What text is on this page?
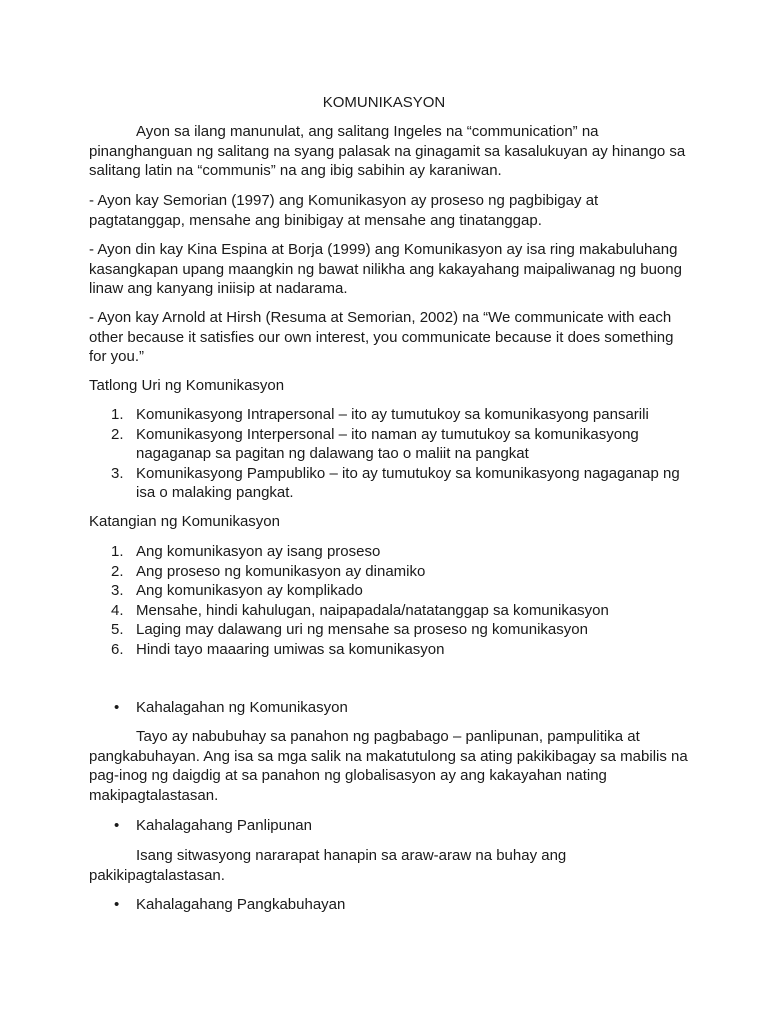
KOMUNIKASYON

Ayon sa ilang manunulat, ang salitang Ingeles na “communication” na pinanghanguan ng salitang na syang palasak na ginagamit sa kasalukuyan ay hinango sa salitang latin na “communis” na ang ibig sabihin ay karaniwan.

- Ayon kay Semorian (1997) ang Komunikasyon ay proseso ng pagbibigay at pagtatanggap, mensahe ang binibigay at mensahe ang tinatanggap.

- Ayon din kay Kina Espina at Borja (1999) ang Komunikasyon ay isa ring makabuluhang kasangkapan upang maangkin ng bawat nilikha ang kakayahang maipaliwanag ng buong linaw ang kanyang iniisip at nadarama.

- Ayon kay Arnold at Hirsh (Resuma at Semorian, 2002) na “We communicate with each other because it satisfies our own interest, you communicate because it does something for you.”

Tatlong Uri ng Komunikasyon

1. Komunikasyong Intrapersonal – ito ay tumutukoy sa komunikasyong pansarili
2. Komunikasyong Interpersonal – ito naman ay tumutukoy sa komunikasyong nagaganap sa pagitan ng dalawang tao o maliit na pangkat
3. Komunikasyong Pampubliko – ito ay tumutukoy sa komunikasyong nagaganap ng isa o malaking pangkat.

Katangian ng Komunikasyon

1. Ang komunikasyon ay isang proseso
2. Ang proseso ng komunikasyon ay dinamiko
3. Ang komunikasyon ay komplikado
4. Mensahe, hindi kahulugan, naipapadala/natatanggap sa komunikasyon
5. Laging may dalawang uri ng mensahe sa proseso ng komunikasyon
6. Hindi tayo maaaring umiwas sa komunikasyon

• Kahalagahan ng Komunikasyon

Tayo ay nabubuhay sa panahon ng pagbabago – panlipunan, pampulitika at pangkabuhayan. Ang isa sa mga salik na makatutulong sa ating pakikibagay sa mabilis na pag-inog ng daigdig at sa panahon ng globalisasyon ay ang kakayahan nating makipagtalastasan.

• Kahalagahang Panlipunan

Isang sitwasyong nararapat hanapin sa araw-araw na buhay ang pakikipagtalastasan.

• Kahalagahang Pangkabuhayan
